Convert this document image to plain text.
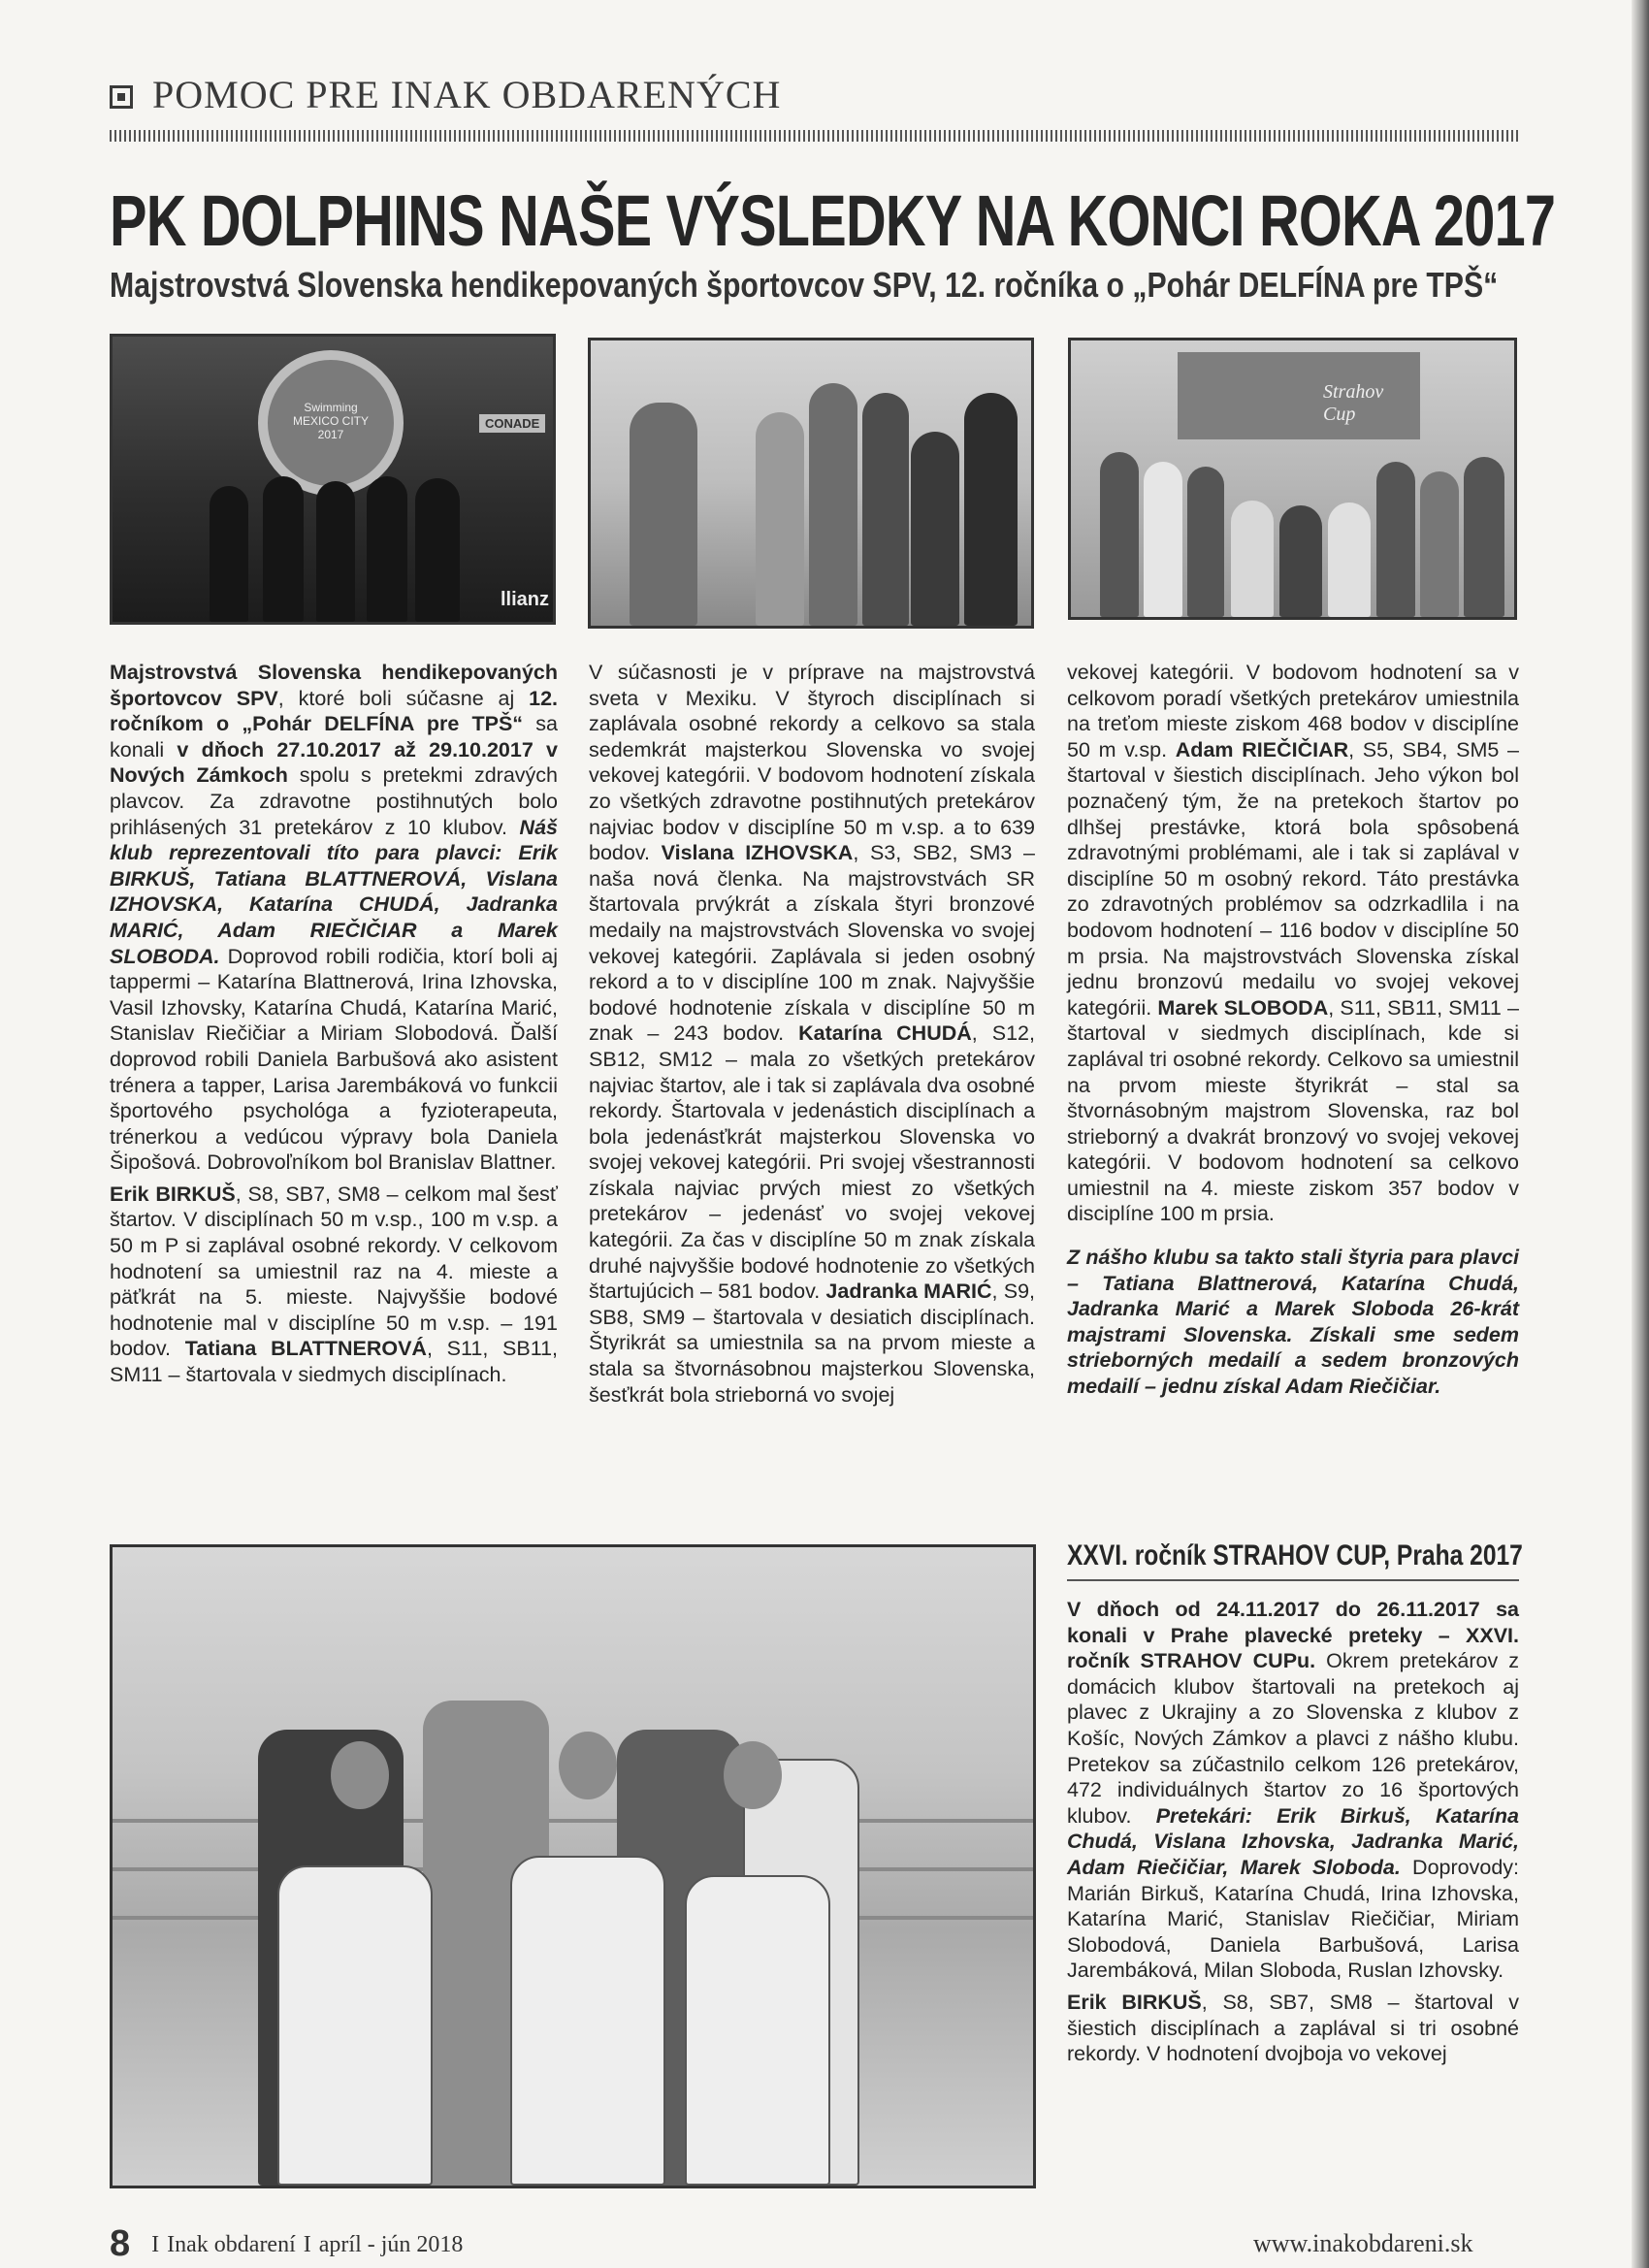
POMOC PRE INAK OBDARENÝCH
PK DOLPHINS NAŠE VÝSLEDKY NA KONCI ROKA 2017
Majstrovstvá Slovenska hendikepovaných športovcov SPV, 12. ročníka o „Pohár DELFÍNA pre TPŠ“
Swimming
MEXICO CITY
2017
CONADE
llianz
Strahov Cup

Majstrovstvá Slovenska hendikepovaných športovcov SPV, ktoré boli súčasne aj 12. ročníkom o „Pohár DELFÍNA pre TPŠ“ sa konali v dňoch 27.10.2017 až 29.10.2017 v Nových Zámkoch spolu s pretekmi zdravých plavcov. Za zdravotne postihnutých bolo prihlásených 31 pretekárov z 10 klubov. Náš klub reprezentovali títo para plavci: Erik BIRKUŠ, Tatiana BLATTNEROVÁ, Vislana IZHOVSKA, Katarína CHUDÁ, Jadranka MARIĆ, Adam RIEČIČIAR a Marek SLOBODA. Doprovod robili rodičia, ktorí boli aj tappermi – Katarína Blattnerová, Irina Izhovska, Vasil Izhovsky, Katarína Chudá, Katarína Marić, Stanislav Riečičiar a Miriam Slobodová. Ďalší doprovod robili Daniela Barbušová ako asistent trénera a tapper, Larisa Jarembáková vo funkcii športového psychológa a fyzioterapeuta, trénerkou a vedúcou výpravy bola Daniela Šipošová. Dobrovoľníkom bol Branislav Blattner.

Erik BIRKUŠ, S8, SB7, SM8 – celkom mal šesť štartov. V disciplínach 50 m v.sp., 100 m v.sp. a 50 m P si zaplával osobné rekordy. V celkovom hodnotení sa umiestnil raz na 4. mieste a päťkrát na 5. mieste. Najvyššie bodové hodnotenie mal v disciplíne 50 m v.sp. – 191 bodov. Tatiana BLATTNEROVÁ, S11, SB11, SM11 – štartovala v siedmych disciplínach.

V súčasnosti je v príprave na majstrovstvá sveta v Mexiku. V štyroch disciplínach si zaplávala osobné rekordy a celkovo sa stala sedemkrát majsterkou Slovenska vo svojej vekovej kategórii. V bodovom hodnotení získala zo všetkých zdravotne postihnutých pretekárov najviac bodov v disciplíne 50 m v.sp. a to 639 bodov. Vislana IZHOVSKA, S3, SB2, SM3 – naša nová členka. Na majstrovstvách SR štartovala prvýkrát a získala štyri bronzové medaily na majstrovstvách Slovenska vo svojej vekovej kategórii. Zaplávala si jeden osobný rekord a to v disciplíne 100 m znak. Najvyššie bodové hodnotenie získala v disciplíne 50 m znak – 243 bodov. Katarína CHUDÁ, S12, SB12, SM12 – mala zo všetkých pretekárov najviac štartov, ale i tak si zaplávala dva osobné rekordy. Štartovala v jedenástich disciplínach a bola jedenásťkrát majsterkou Slovenska vo svojej vekovej kategórii. Pri svojej všestrannosti získala najviac prvých miest zo všetkých pretekárov – jedenásť vo svojej vekovej kategórii. Za čas v disciplíne 50 m znak získala druhé najvyššie bodové hodnotenie zo všetkých štartujúcich – 581 bodov. Jadranka MARIĆ, S9, SB8, SM9 – štartovala v desiatich disciplínach. Štyrikrát sa umiestnila sa na prvom mieste a stala sa štvornásobnou majsterkou Slovenska, šesťkrát bola strieborná vo svojej

vekovej kategórii. V bodovom hodnotení sa v celkovom poradí všetkých pretekárov umiestnila na treťom mieste ziskom 468 bodov v disciplíne 50 m v.sp. Adam RIEČIČIAR, S5, SB4, SM5 – štartoval v šiestich disciplínach. Jeho výkon bol poznačený tým, že na pretekoch štartov po dlhšej prestávke, ktorá bola spôsobená zdravotnými problémami, ale i tak si zaplával v disciplíne 50 m osobný rekord. Táto prestávka zo zdravotných problémov sa odzrkadlila i na bodovom hodnotení – 116 bodov v disciplíne 50 m prsia. Na majstrovstvách Slovenska získal jednu bronzovú medailu vo svojej vekovej kategórii. Marek SLOBODA, S11, SB11, SM11 – štartoval v siedmych disciplínach, kde si zaplával tri osobné rekordy. Celkovo sa umiestnil na prvom mieste štyrikrát – stal sa štvornásobným majstrom Slovenska, raz bol strieborný a dvakrát bronzový vo svojej vekovej kategórii. V bodovom hodnotení sa celkovo umiestnil na 4. mieste ziskom 357 bodov v disciplíne 100 m prsia.

Z nášho klubu sa takto stali štyria para plavci – Tatiana Blattnerová, Katarína Chudá, Jadranka Marić a Marek Sloboda 26-krát majstrami Slovenska. Získali sme sedem strieborných medailí a sedem bronzových medailí – jednu získal Adam Riečičiar.

XXVI. ročník STRAHOV CUP, Praha 2017

V dňoch od 24.11.2017 do 26.11.2017 sa konali v Prahe plavecké preteky – XXVI. ročník STRAHOV CUPu. Okrem pretekárov z domácich klubov štartovali na pretekoch aj plavec z Ukrajiny a zo Slovenska z klubov z Košíc, Nových Zámkov a plavci z nášho klubu. Pretekov sa zúčastnilo celkom 126 pretekárov, 472 individuálnych štartov zo 16 športových klubov. Pretekári: Erik Birkuš, Katarína Chudá, Vislana Izhovska, Jadranka Marić, Adam Riečičiar, Marek Sloboda. Doprovody: Marián Birkuš, Katarína Chudá, Irina Izhovska, Katarína Marić, Stanislav Riečičiar, Miriam Slobodová, Daniela Barbušová, Larisa Jarembáková, Milan Sloboda, Ruslan Izhovsky.

Erik BIRKUŠ, S8, SB7, SM8 – štartoval v šiestich disciplínach a zaplával si tri osobné rekordy. V hodnotení dvojboja vo vekovej

8 I Inak obdarení I apríl - jún 2018	www.inakobdareni.sk
